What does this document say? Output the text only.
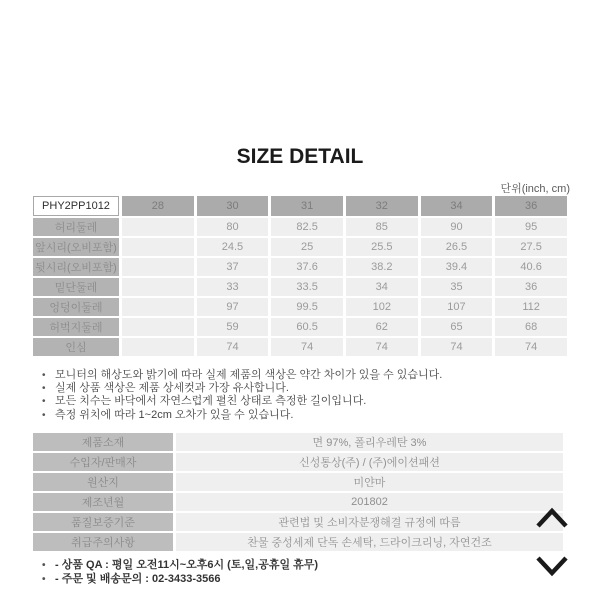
SIZE DETAIL
단위(inch, cm)
PHY2PP1012	28	30	31	32	34	36
허리둘레		80	82.5	85	90	95
앞시리(오비포함)		24.5	25	25.5	26.5	27.5
뒷시리(오비포함)		37	37.6	38.2	39.4	40.6
밑단둘레		33	33.5	34	35	36
엉덩이둘레		97	99.5	102	107	112
허벅지둘레		59	60.5	62	65	68
인심		74	74	74	74	74
• 모니터의 해상도와 밝기에 따라 실제 제품의 색상은 약간 차이가 있을 수 있습니다.
• 실제 상품 색상은 제품 상세컷과 가장 유사합니다.
• 모든 치수는 바닥에서 자연스럽게 펼친 상태로 측정한 길이입니다.
• 측정 위치에 따라 1~2cm 오차가 있을 수 있습니다.
제품소재	면 97%, 폴리우레탄 3%
수입자/판매자	신성통상(주) / (주)에이션패션
원산지	미얀마
제조년월	201802
품질보증기준	관련법 및 소비자분쟁해결 규정에 따름
취급주의사항	찬물 중성세제 단독 손세탁, 드라이크리닝, 자연건조
• - 상품 QA : 평일 오전11시~오후6시 (토,일,공휴일 휴무)
• - 주문 및 배송문의 : 02-3433-3566
